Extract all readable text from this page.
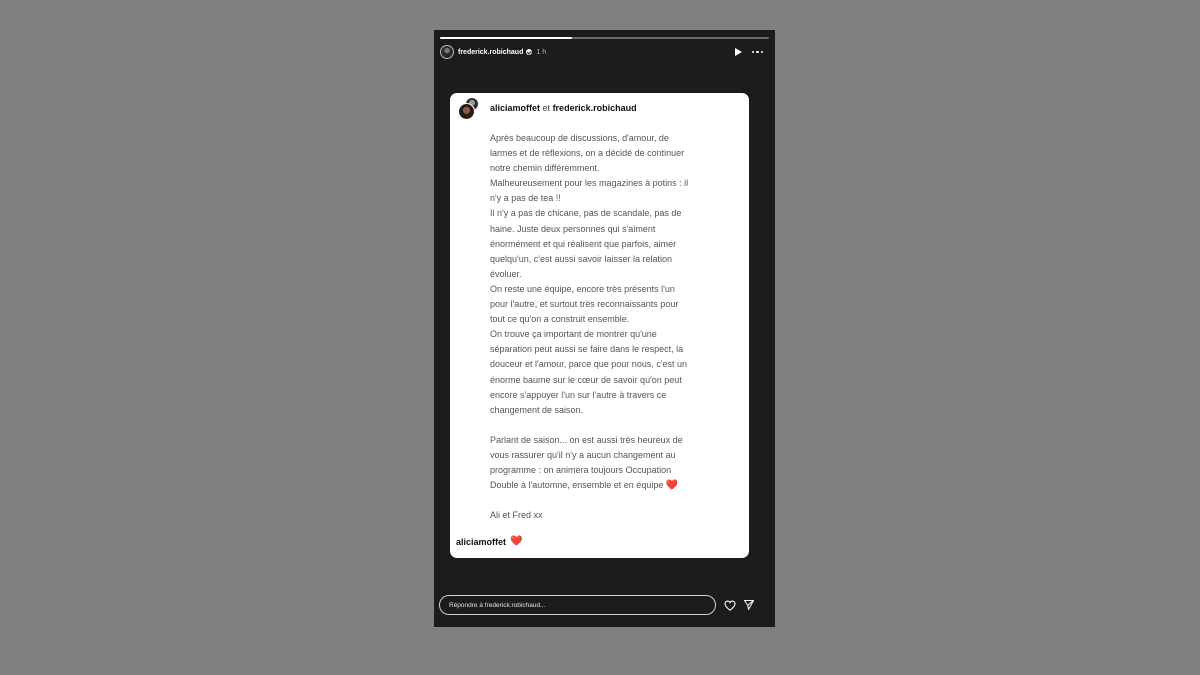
frederick.robichaud 1 h
aliciamoffet et frederick.robichaud
Après beaucoup de discussions, d'amour, de
larmes et de réflexions, on a décidé de continuer
notre chemin différemment.
Malheureusement pour les magazines à potins : il
n'y a pas de tea !!
Il n'y a pas de chicane, pas de scandale, pas de
haine. Juste deux personnes qui s'aiment
énormément et qui réalisent que parfois, aimer
quelqu'un, c'est aussi savoir laisser la relation
évoluer.
On reste une équipe, encore très présents l'un
pour l'autre, et surtout très reconnaissants pour
tout ce qu'on a construit ensemble.
On trouve ça important de montrer qu'une
séparation peut aussi se faire dans le respect, la
douceur et l'amour, parce que pour nous, c'est un
énorme baume sur le cœur de savoir qu'on peut
encore s'appuyer l'un sur l'autre à travers ce
changement de saison.

Parlant de saison... on est aussi très heureux de
vous rassurer qu'il n'y a aucun changement au
programme : on animera toujours Occupation
Double à l'automne, ensemble et en équipe ❤️

Ali et Fred xx
aliciamoffet ❤️
Répondre à frederick.robichaud...
